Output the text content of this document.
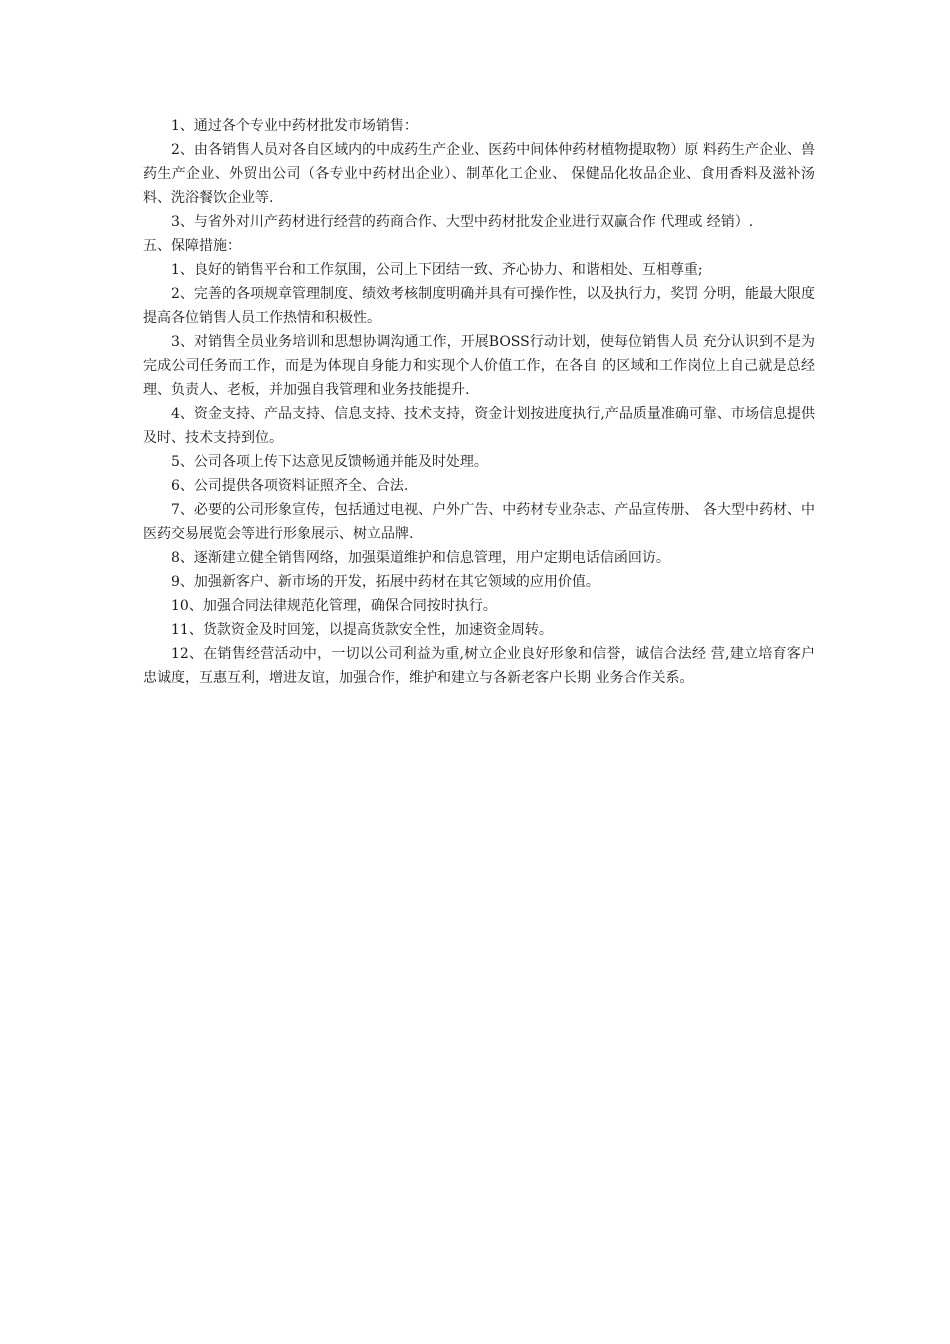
1、通过各个专业中药材批发市场销售：

2、由各销售人员对各自区域内的中成药生产企业、医药中间体仲药材植物提取物）原 料药生产企业、兽药生产企业、外贸出公司（各专业中药材出企业）、制革化工企业、 保健品化妆品企业、食用香料及滋补汤料、洗浴餐饮企业等.

3、与省外对川产药材进行经营的药商合作、大型中药材批发企业进行双赢合作 代理或 经销）.

五、保障措施：

1、良好的销售平台和工作氛围，公司上下团结一致、齐心协力、和谐相处、互相尊重;

2、完善的各项规章管理制度、绩效考核制度明确并具有可操作性，以及执行力，奖罚 分明，能最大限度提高各位销售人员工作热情和积极性。

3、对销售全员业务培训和思想协调沟通工作，开展BOSS行动计划，使每位销售人员 充分认识到不是为完成公司任务而工作，而是为体现自身能力和实现个人价值工作，在各自 的区域和工作岗位上自己就是总经理、负责人、老板，并加强自我管理和业务技能提升.

4、资金支持、产品支持、信息支持、技术支持，资金计划按进度执行,产品质量准确可靠、市场信息提供及时、技术支持到位。

5、公司各项上传下达意见反馈畅通并能及时处理。

6、公司提供各项资料证照齐全、合法.

7、必要的公司形象宣传，包括通过电视、户外广告、中药材专业杂志、产品宣传册、 各大型中药材、中医药交易展览会等进行形象展示、树立品牌.

8、逐渐建立健全销售网络，加强渠道维护和信息管理，用户定期电话信函回访。

9、加强新客户、新市场的开发，拓展中药材在其它领域的应用价值。

10、加强合同法律规范化管理，确保合同按时执行。

11、货款资金及时回笼，以提高货款安全性，加速资金周转。

12、在销售经营活动中，一切以公司利益为重,树立企业良好形象和信誉，诚信合法经 营,建立培育客户忠诚度，互惠互利，增进友谊，加强合作，维护和建立与各新老客户长期 业务合作关系。
